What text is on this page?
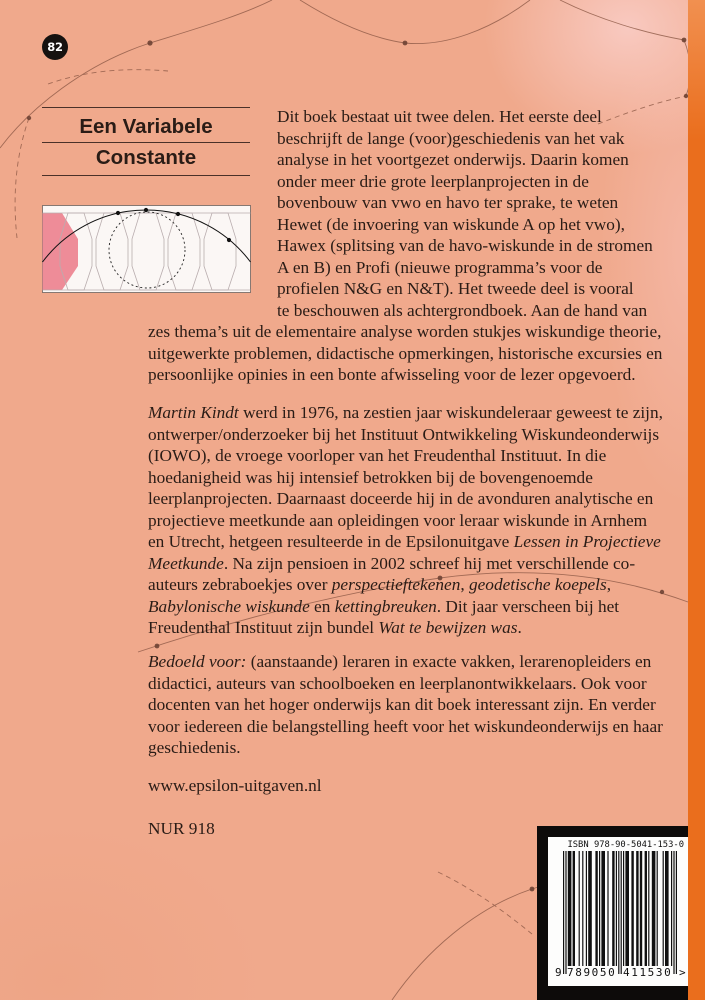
82
Een Variabele
Constante
Dit boek bestaat uit twee delen. Het eerste deel
beschrijft de lange (voor)geschiedenis van het vak
analyse in het voortgezet onderwijs. Daarin komen
onder meer drie grote leerplanprojecten in de
bovenbouw van vwo en havo ter sprake, te weten
Hewet (de invoering van wiskunde A op het vwo),
Hawex (splitsing van de havo-wiskunde in de stromen
A en B) en Profi (nieuwe programma’s voor de
profielen N&G en N&T). Het tweede deel is vooral
te beschouwen als achtergrondboek. Aan de hand van
zes thema’s uit de elementaire analyse worden stukjes wiskundige theorie,
uitgewerkte problemen, didactische opmerkingen, historische excursies en
persoonlijke opinies in een bonte afwisseling voor de lezer opgevoerd.
Martin Kindt werd in 1976, na zestien jaar wiskundeleraar geweest te zijn,
ontwerper/onderzoeker bij het Instituut Ontwikkeling Wiskundeonderwijs
(IOWO), de vroege voorloper van het Freudenthal Instituut. In die
hoedanigheid was hij intensief betrokken bij de bovengenoemde
leerplanprojecten. Daarnaast doceerde hij in de avonduren analytische en
projectieve meetkunde aan opleidingen voor leraar wiskunde in Arnhem
en Utrecht, hetgeen resulteerde in de Epsilonuitgave Lessen in Projectieve
Meetkunde. Na zijn pensioen in 2002 schreef hij met verschillende co-
auteurs zebraboekjes over perspectieftekenen, geodetische koepels,
Babylonische wiskunde en kettingbreuken. Dit jaar verscheen bij het
Freudenthal Instituut zijn bundel Wat te bewijzen was.
Bedoeld voor: (aanstaande) leraren in exacte vakken, lerarenopleiders en
didactici, auteurs van schoolboeken en leerplanontwikkelaars. Ook voor
docenten van het hoger onderwijs kan dit boek interessant zijn. En verder
voor iedereen die belangstelling heeft voor het wiskundeonderwijs en haar
geschiedenis.
www.epsilon-uitgaven.nl
NUR 918
ISBN 978-90-5041-153-0
9 789050 411530 >
